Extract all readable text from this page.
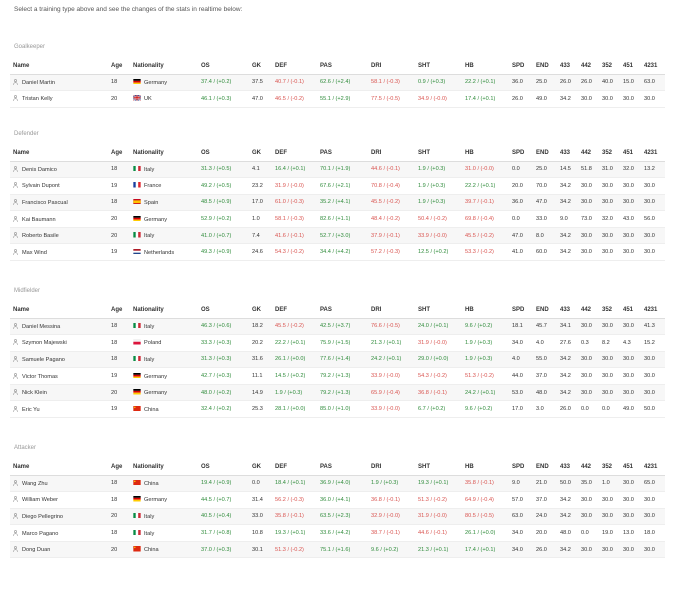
Select a training type above and see the changes of the stats in realtime below:
Goalkeeper
Name	Age	Nationality	OS	GK	DEF	PAS	DRI	SHT	HB	SPD	END	433	442	352	451	4231
Daniel Martin	18	Germany	37.4 / (+0.2)	37.5	40.7 / (-0.1)	62.6 / (+2.4)	58.1 / (-0.3)	0.9 / (+0.3)	22.2 / (+0.1)	36.0	25.0	26.0	26.0	40.0	15.0	63.0
Tristan Kelly	20	UK	46.1 / (+0.3)	47.0	46.5 / (-0.2)	55.1 / (+2.9)	77.5 / (-0.5)	34.9 / (-0.0)	17.4 / (+0.1)	26.0	49.0	34.2	30.0	30.0	30.0	30.0
Defender
Name	Age	Nationality	OS	GK	DEF	PAS	DRI	SHT	HB	SPD	END	433	442	352	451	4231
Denis Damico	18	Italy	31.3 / (+0.5)	4.1	16.4 / (+0.1)	70.1 / (+1.9)	44.6 / (-0.1)	1.9 / (+0.3)	31.0 / (-0.0)	0.0	25.0	14.5	51.8	31.0	32.0	13.2
Sylvain Dupont	19	France	49.2 / (+0.5)	23.2	31.9 / (-0.0)	67.6 / (+2.1)	70.8 / (-0.4)	1.9 / (+0.3)	22.2 / (+0.1)	20.0	70.0	34.2	30.0	30.0	30.0	30.0
Francisco Pascual	18	Spain	48.5 / (+0.9)	17.0	61.0 / (-0.3)	35.2 / (+4.1)	45.5 / (-0.2)	1.9 / (+0.3)	39.7 / (-0.1)	36.0	47.0	34.2	30.0	30.0	30.0	30.0
Kai Baumann	20	Germany	52.9 / (+0.2)	1.0	58.1 / (-0.3)	82.6 / (+1.1)	48.4 / (-0.2)	50.4 / (-0.2)	69.8 / (-0.4)	0.0	33.0	9.0	73.0	32.0	43.0	56.0
Roberto Basile	20	Italy	41.0 / (+0.7)	7.4	41.6 / (-0.1)	52.7 / (+3.0)	37.9 / (-0.1)	33.9 / (-0.0)	45.5 / (-0.2)	47.0	8.0	34.2	30.0	30.0	30.0	30.0
Max Wind	19	Netherlands	49.3 / (+0.9)	24.6	54.3 / (-0.2)	34.4 / (+4.2)	57.2 / (-0.3)	12.5 / (+0.2)	53.3 / (-0.2)	41.0	60.0	34.2	30.0	30.0	30.0	30.0
Midfielder
Name	Age	Nationality	OS	GK	DEF	PAS	DRI	SHT	HB	SPD	END	433	442	352	451	4231
Daniel Messina	18	Italy	46.3 / (+0.6)	18.2	45.5 / (-0.2)	42.5 / (+3.7)	76.6 / (-0.5)	24.0 / (+0.1)	9.6 / (+0.2)	18.1	45.7	34.1	30.0	30.0	30.0	41.3
Szymon Majewski	18	Poland	33.3 / (+0.3)	20.2	22.2 / (+0.1)	75.9 / (+1.5)	21.3 / (+0.1)	31.9 / (-0.0)	1.9 / (+0.3)	34.0	4.0	27.6	0.3	8.2	4.3	15.2
Samuele Pagano	18	Italy	31.3 / (+0.3)	31.6	26.1 / (+0.0)	77.6 / (+1.4)	24.2 / (+0.1)	29.0 / (+0.0)	1.9 / (+0.3)	4.0	55.0	34.2	30.0	30.0	30.0	30.0
Victor Thomas	19	Germany	42.7 / (+0.3)	11.1	14.5 / (+0.2)	79.2 / (+1.3)	33.9 / (-0.0)	54.3 / (-0.2)	51.3 / (-0.2)	44.0	37.0	34.2	30.0	30.0	30.0	30.0
Nick Klein	20	Germany	48.0 / (+0.2)	14.9	1.9 / (+0.3)	79.2 / (+1.3)	65.9 / (-0.4)	36.8 / (-0.1)	24.2 / (+0.1)	53.0	48.0	34.2	30.0	30.0	30.0	30.0
Eric Yu	19	China	32.4 / (+0.2)	25.3	28.1 / (+0.0)	85.0 / (+1.0)	33.9 / (-0.0)	6.7 / (+0.2)	9.6 / (+0.2)	17.0	3.0	26.0	0.0	0.0	49.0	50.0
Attacker
Name	Age	Nationality	OS	GK	DEF	PAS	DRI	SHT	HB	SPD	END	433	442	352	451	4231
Wang Zhu	18	China	19.4 / (+0.9)	0.0	18.4 / (+0.1)	36.9 / (+4.0)	1.9 / (+0.3)	19.3 / (+0.1)	35.8 / (-0.1)	9.0	21.0	50.0	35.0	1.0	30.0	65.0
William Weber	18	Germany	44.5 / (+0.7)	31.4	56.2 / (-0.3)	36.0 / (+4.1)	36.8 / (-0.1)	51.3 / (-0.2)	64.9 / (-0.4)	57.0	37.0	34.2	30.0	30.0	30.0	30.0
Diego Pellegrino	20	Italy	40.5 / (+0.4)	33.0	35.8 / (-0.1)	63.5 / (+2.3)	32.9 / (-0.0)	31.9 / (-0.0)	80.5 / (-0.5)	63.0	24.0	34.2	30.0	30.0	30.0	30.0
Marco Pagano	18	Italy	31.7 / (+0.8)	10.8	19.3 / (+0.1)	33.6 / (+4.2)	38.7 / (-0.1)	44.6 / (-0.1)	26.1 / (+0.0)	34.0	20.0	48.0	0.0	19.0	13.0	18.0
Dong Duan	20	China	37.0 / (+0.3)	30.1	51.3 / (-0.2)	75.1 / (+1.6)	9.6 / (+0.2)	21.3 / (+0.1)	17.4 / (+0.1)	34.0	26.0	34.2	30.0	30.0	30.0	30.0
